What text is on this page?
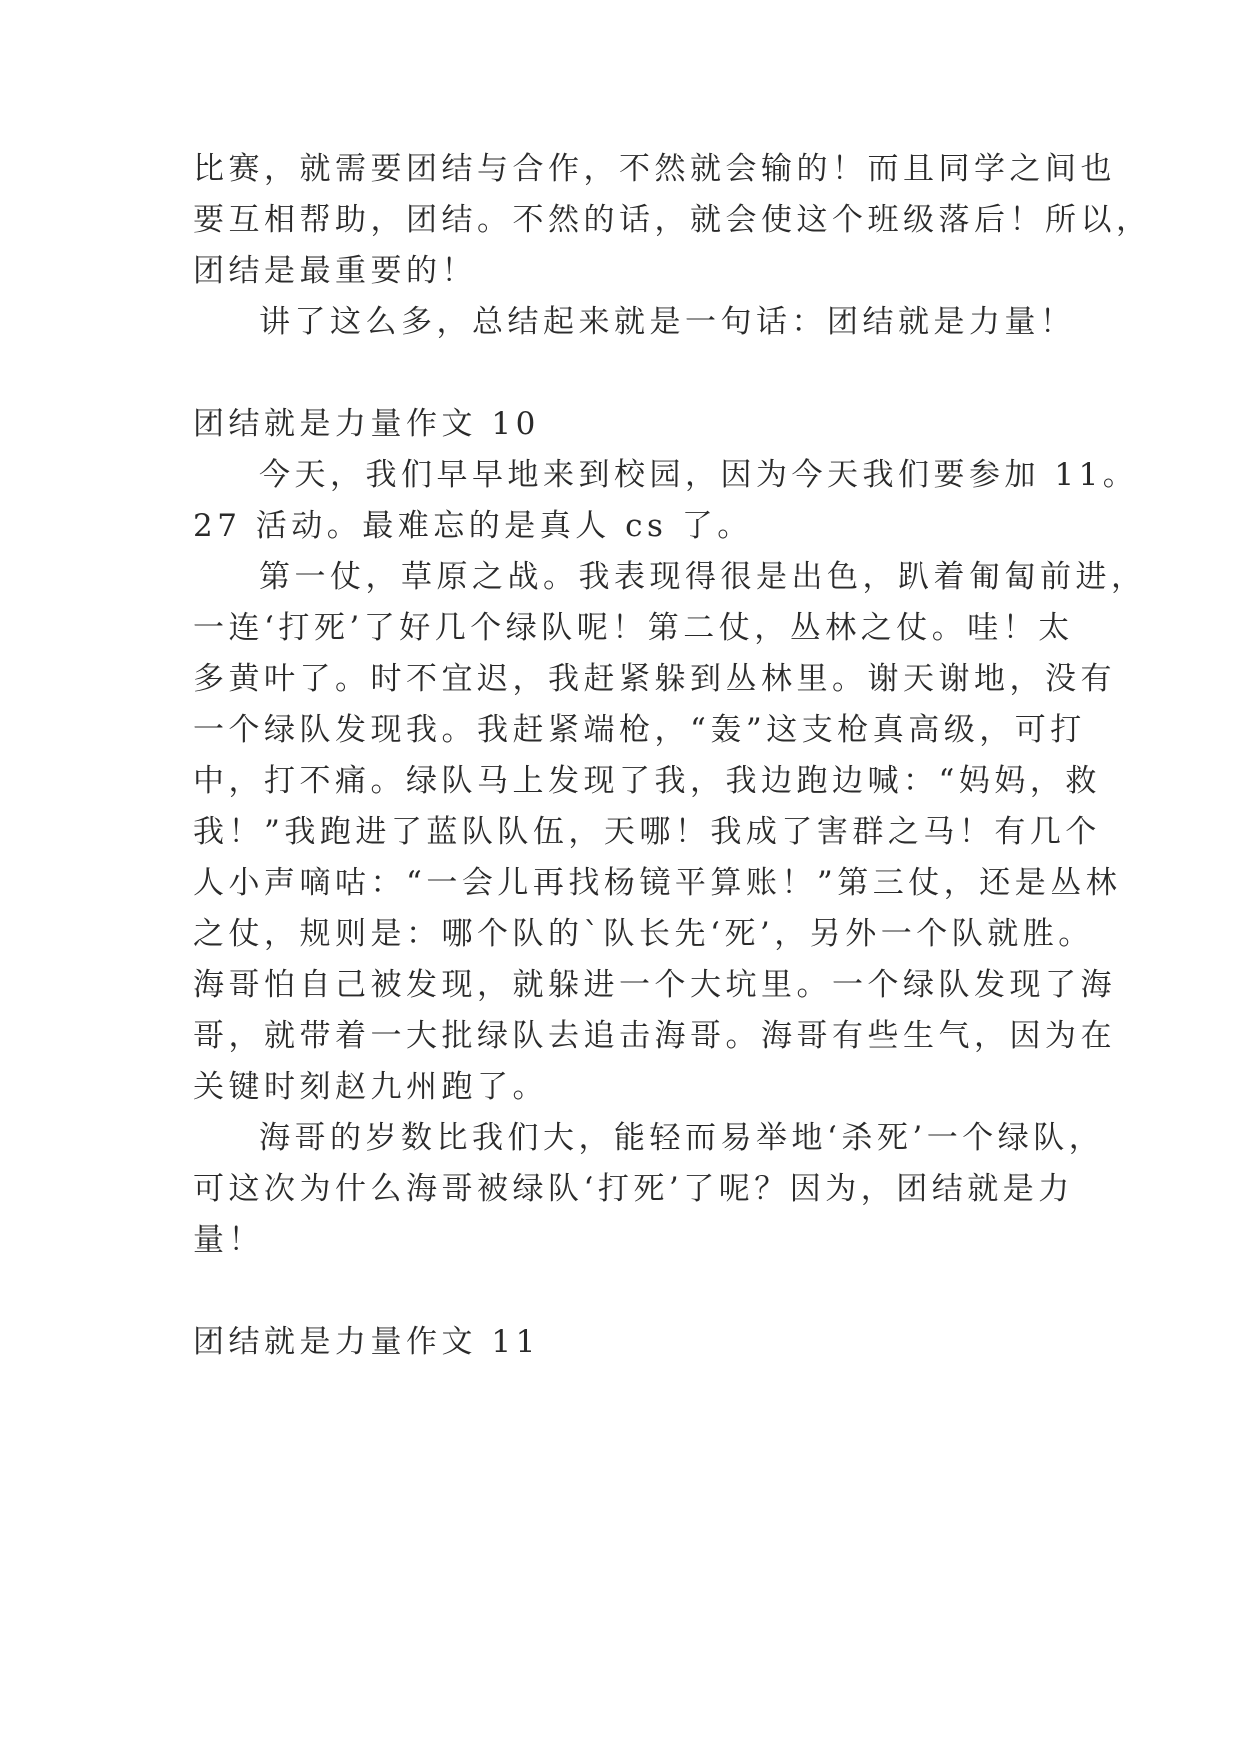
比赛，就需要团结与合作，不然就会输的！而且同学之间也
要互相帮助，团结。不然的话，就会使这个班级落后！所以，
团结是最重要的！
讲了这么多，总结起来就是一句话：团结就是力量！
团结就是力量作文 10
今天，我们早早地来到校园，因为今天我们要参加 11。
27 活动。最难忘的是真人 cs 了。
第一仗，草原之战。我表现得很是出色，趴着匍匐前进，
一连‘打死’了好几个绿队呢！第二仗，丛林之仗。哇！太
多黄叶了。时不宜迟，我赶紧躲到丛林里。谢天谢地，没有
一个绿队发现我。我赶紧端枪，“轰”这支枪真高级，可打
中，打不痛。绿队马上发现了我，我边跑边喊：“妈妈，救
我！”我跑进了蓝队队伍，天哪！我成了害群之马！有几个
人小声嘀咕：“一会儿再找杨镜平算账！”第三仗，还是丛林
之仗，规则是：哪个队的`队长先‘死’，另外一个队就胜。
海哥怕自己被发现，就躲进一个大坑里。一个绿队发现了海
哥，就带着一大批绿队去追击海哥。海哥有些生气，因为在
关键时刻赵九州跑了。
海哥的岁数比我们大，能轻而易举地‘杀死’一个绿队，
可这次为什么海哥被绿队‘打死’了呢？因为，团结就是力
量！
团结就是力量作文 11
